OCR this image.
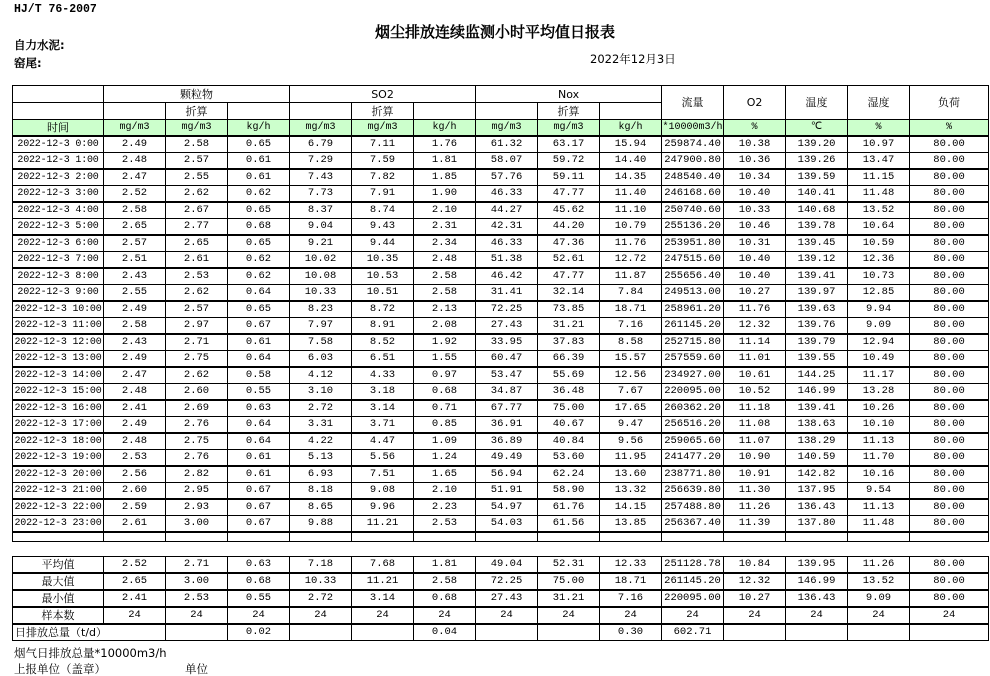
HJ/T 76-2007
烟尘排放连续监测小时平均值日报表
自力水泥:
窑尾:	2022年12月3日
	颗粒物			SO2			Nox			流量	O2	温度	湿度	负荷
		折算			折算			折算						
时间	mg/m3	mg/m3	kg/h	mg/m3	mg/m3	kg/h	mg/m3	mg/m3	kg/h	*10000m3/h	%	℃	%	%
2022-12-3 0:00	2.49	2.58	0.65	6.79	7.11	1.76	61.32	63.17	15.94	259874.40	10.38	139.20	10.97	80.00
2022-12-3 1:00	2.48	2.57	0.61	7.29	7.59	1.81	58.07	59.72	14.40	247900.80	10.36	139.26	13.47	80.00
2022-12-3 2:00	2.47	2.55	0.61	7.43	7.82	1.85	57.76	59.11	14.35	248540.40	10.34	139.59	11.15	80.00
2022-12-3 3:00	2.52	2.62	0.62	7.73	7.91	1.90	46.33	47.77	11.40	246168.60	10.40	140.41	11.48	80.00
2022-12-3 4:00	2.58	2.67	0.65	8.37	8.74	2.10	44.27	45.62	11.10	250740.60	10.33	140.68	13.52	80.00
2022-12-3 5:00	2.65	2.77	0.68	9.04	9.43	2.31	42.31	44.20	10.79	255136.20	10.46	139.78	10.64	80.00
2022-12-3 6:00	2.57	2.65	0.65	9.21	9.44	2.34	46.33	47.36	11.76	253951.80	10.31	139.45	10.59	80.00
2022-12-3 7:00	2.51	2.61	0.62	10.02	10.35	2.48	51.38	52.61	12.72	247515.60	10.40	139.12	12.36	80.00
2022-12-3 8:00	2.43	2.53	0.62	10.08	10.53	2.58	46.42	47.77	11.87	255656.40	10.40	139.41	10.73	80.00
2022-12-3 9:00	2.55	2.62	0.64	10.33	10.51	2.58	31.41	32.14	7.84	249513.00	10.27	139.97	12.85	80.00
2022-12-3 10:00	2.49	2.57	0.65	8.23	8.72	2.13	72.25	73.85	18.71	258961.20	11.76	139.63	9.94	80.00
2022-12-3 11:00	2.58	2.97	0.67	7.97	8.91	2.08	27.43	31.21	7.16	261145.20	12.32	139.76	9.09	80.00
2022-12-3 12:00	2.43	2.71	0.61	7.58	8.52	1.92	33.95	37.83	8.58	252715.80	11.14	139.79	12.94	80.00
2022-12-3 13:00	2.49	2.75	0.64	6.03	6.51	1.55	60.47	66.39	15.57	257559.60	11.01	139.55	10.49	80.00
2022-12-3 14:00	2.47	2.62	0.58	4.12	4.33	0.97	53.47	55.69	12.56	234927.00	10.61	144.25	11.17	80.00
2022-12-3 15:00	2.48	2.60	0.55	3.10	3.18	0.68	34.87	36.48	7.67	220095.00	10.52	146.99	13.28	80.00
2022-12-3 16:00	2.41	2.69	0.63	2.72	3.14	0.71	67.77	75.00	17.65	260362.20	11.18	139.41	10.26	80.00
2022-12-3 17:00	2.49	2.76	0.64	3.31	3.71	0.85	36.91	40.67	9.47	256516.20	11.08	138.63	10.10	80.00
2022-12-3 18:00	2.48	2.75	0.64	4.22	4.47	1.09	36.89	40.84	9.56	259065.60	11.07	138.29	11.13	80.00
2022-12-3 19:00	2.53	2.76	0.61	5.13	5.56	1.24	49.49	53.60	11.95	241477.20	10.90	140.59	11.70	80.00
2022-12-3 20:00	2.56	2.82	0.61	6.93	7.51	1.65	56.94	62.24	13.60	238771.80	10.91	142.82	10.16	80.00
2022-12-3 21:00	2.60	2.95	0.67	8.18	9.08	2.10	51.91	58.90	13.32	256639.80	11.30	137.95	9.54	80.00
2022-12-3 22:00	2.59	2.93	0.67	8.65	9.96	2.23	54.97	61.76	14.15	257488.80	11.26	136.43	11.13	80.00
2022-12-3 23:00	2.61	3.00	0.67	9.88	11.21	2.53	54.03	61.56	13.85	256367.40	11.39	137.80	11.48	80.00

平均值	2.52	2.71	0.63	7.18	7.68	1.81	49.04	52.31	12.33	251128.78	10.84	139.95	11.26	80.00
最大值	2.65	3.00	0.68	10.33	11.21	2.58	72.25	75.00	18.71	261145.20	12.32	146.99	13.52	80.00
最小值	2.41	2.53	0.55	2.72	3.14	0.68	27.43	31.21	7.16	220095.00	10.27	136.43	9.09	80.00
样本数	24	24	24	24	24	24	24	24	24	24	24	24	24	24
日排放总量（t/d）			0.02			0.04			0.30	602.71				
烟气日排放总量*10000m3/h
上报单位（盖章）	单位
